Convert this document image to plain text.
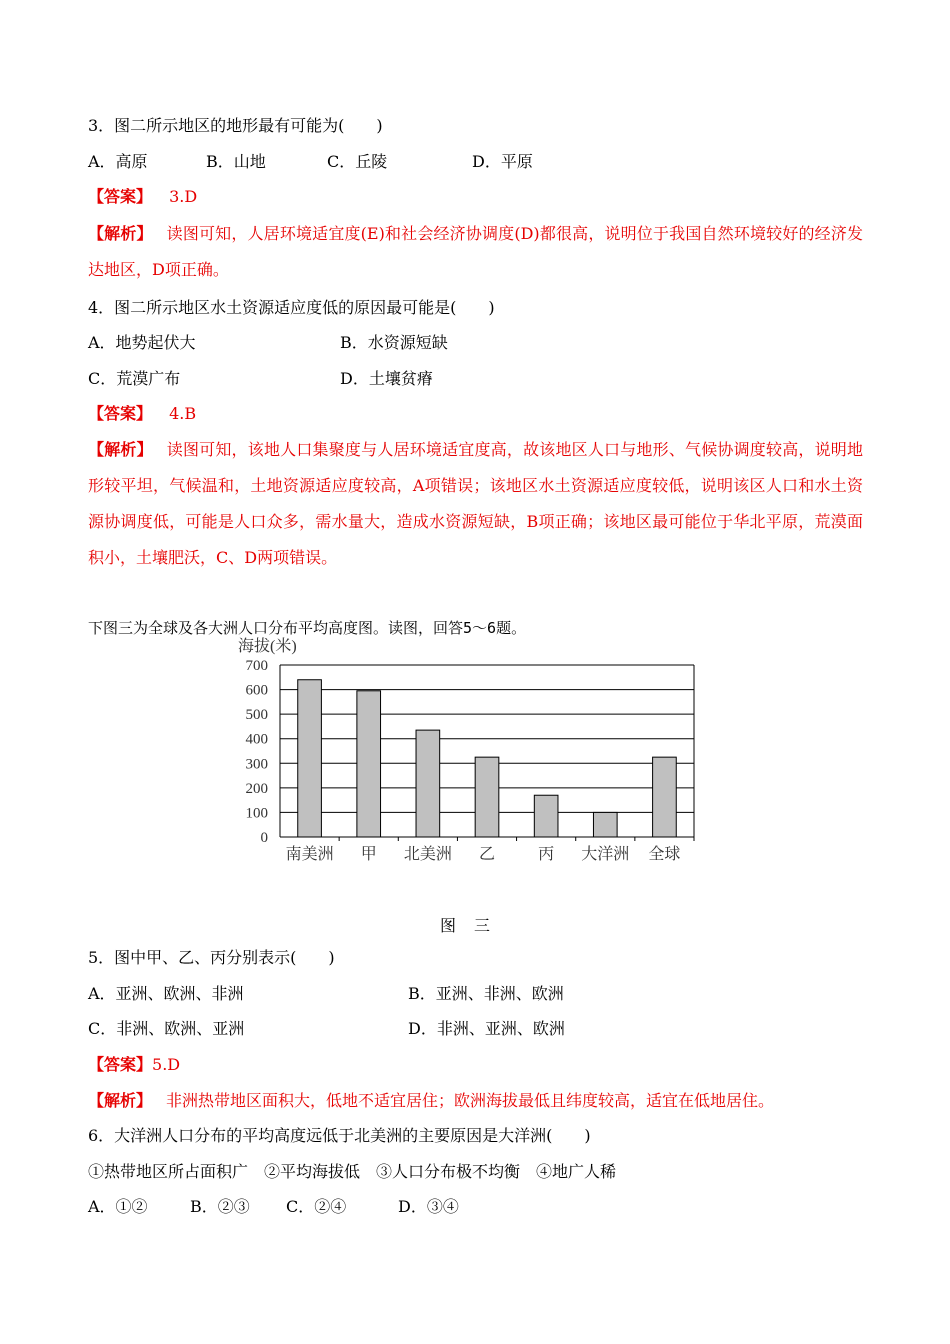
3．图二所示地区的地形最有可能为(　　)
A．高原	B．山地	C．丘陵	D．平原
【答案】 3.D
【解析】 读图可知，人居环境适宜度(E)和社会经济协调度(D)都很高，说明位于我国自然环境较好的经济发达地区，D项正确。
4．图二所示地区水土资源适应度低的原因最可能是(　　)
A．地势起伏大	B．水资源短缺
C．荒漠广布	D．土壤贫瘠
【答案】 4.B
【解析】 读图可知，该地人口集聚度与人居环境适宜度高，故该地区人口与地形、气候协调度较高，说明地形较平坦，气候温和，土地资源适应度较高，A项错误；该地区水土资源适应度较低，说明该区人口和水土资源协调度低，可能是人口众多，需水量大，造成水资源短缺，B项正确；该地区最可能位于华北平原，荒漠面积小，土壤肥沃，C、D两项错误。
下图三为全球及各大洲人口分布平均高度图。读图，回答5～6题。
海拔(米)
0
100
200
300
400
500
600
700
南美洲 甲 北美洲 乙	丙 大洋洲 全球
图三
5．图中甲、乙、丙分别表示(　　)
A．亚洲、欧洲、非洲	B．亚洲、非洲、欧洲
C．非洲、欧洲、亚洲	D．非洲、亚洲、欧洲
【答案】5.D
【解析】 非洲热带地区面积大，低地不适宜居住；欧洲海拔最低且纬度较高，适宜在低地居住。
6．大洋洲人口分布的平均高度远低于北美洲的主要原因是大洋洲(　　)
①热带地区所占面积广　②平均海拔低　③人口分布极不均衡　④地广人稀
A．①②	B．②③ C．②④	D．③④
